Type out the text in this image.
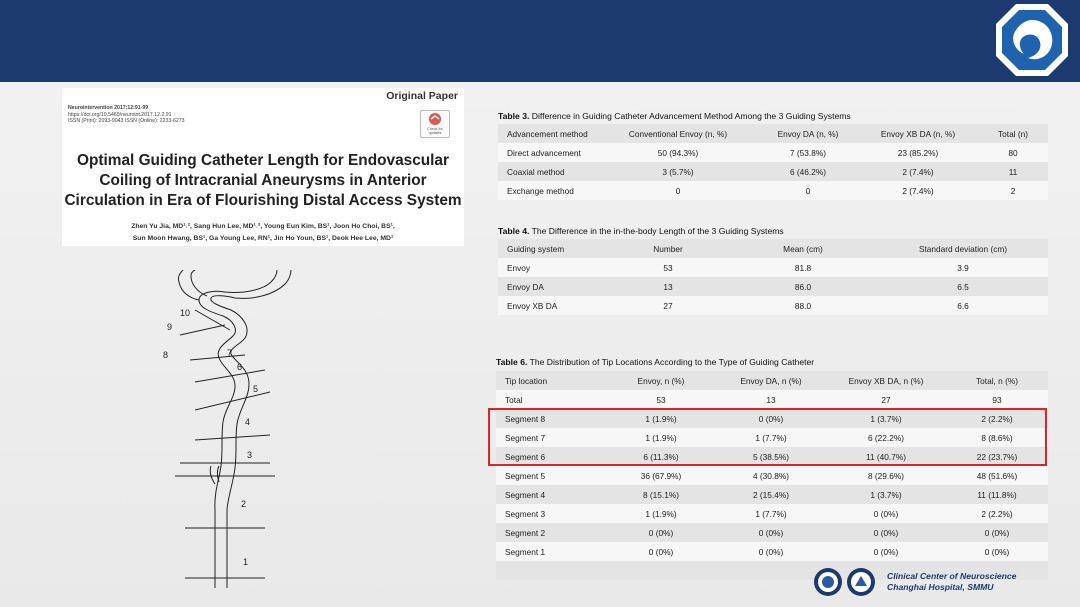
Original Paper
Neurointervention 2017;12:91-99
https://doi.org/10.5469/neuroint.2017.12.2.91
ISSN (Print): 2093-9043 ISSN (Online): 2233-6273
Check for updates
Optimal Guiding Catheter Length for Endovascular
Coiling of Intracranial Aneurysms in Anterior
Circulation in Era of Flourishing Distal Access System
Zhen Yu Jia, MD¹˒², Sang Hun Lee, MD¹˒², Young Eun Kim, BS¹, Joon Ho Choi, BS¹,
Sun Moon Hwang, BS¹, Ga Young Lee, RN¹, Jin Ho Youn, BS¹, Deok Hee Lee, MD¹
10
9
8	7
6
5
4
3
2
1
Table 3. Difference in Guiding Catheter Advancement Method Among the 3 Guiding Systems
Advancement method	Conventional Envoy (n, %)	Envoy DA (n, %)	Envoy XB DA (n, %)	Total (n)
Direct advancement	50 (94.3%)	7 (53.8%)	23 (85.2%)	80
Coaxial method	3 (5.7%)	6 (46.2%)	2 (7.4%)	11
Exchange method	0	0	2 (7.4%)	2
Table 4. The Difference in the in-the-body Length of the 3 Guiding Systems
Guiding system	Number	Mean (cm)	Standard deviation (cm)
Envoy	53	81.8	3.9
Envoy DA	13	86.0	6.5
Envoy XB DA	27	88.0	6.6
Table 6. The Distribution of Tip Locations According to the Type of Guiding Catheter
Tip location	Envoy, n (%)	Envoy DA, n (%)	Envoy XB DA, n (%)	Total, n (%)
Total	53	13	27	93
Segment 8	1 (1.9%)	0 (0%)	1 (3.7%)	2 (2.2%)
Segment 7	1 (1.9%)	1 (7.7%)	6 (22.2%)	8 (8.6%)
Segment 6	6 (11.3%)	5 (38.5%)	11 (40.7%)	22 (23.7%)
Segment 5	36 (67.9%)	4 (30.8%)	8 (29.6%)	48 (51.6%)
Segment 4	8 (15.1%)	2 (15.4%)	1 (3.7%)	11 (11.8%)
Segment 3	1 (1.9%)	1 (7.7%)	0 (0%)	2 (2.2%)
Segment 2	0 (0%)	0 (0%)	0 (0%)	0 (0%)
Segment 1	0 (0%)	0 (0%)	0 (0%)	0 (0%)

Clinical Center of Neuroscience
Changhai Hospital, SMMU
